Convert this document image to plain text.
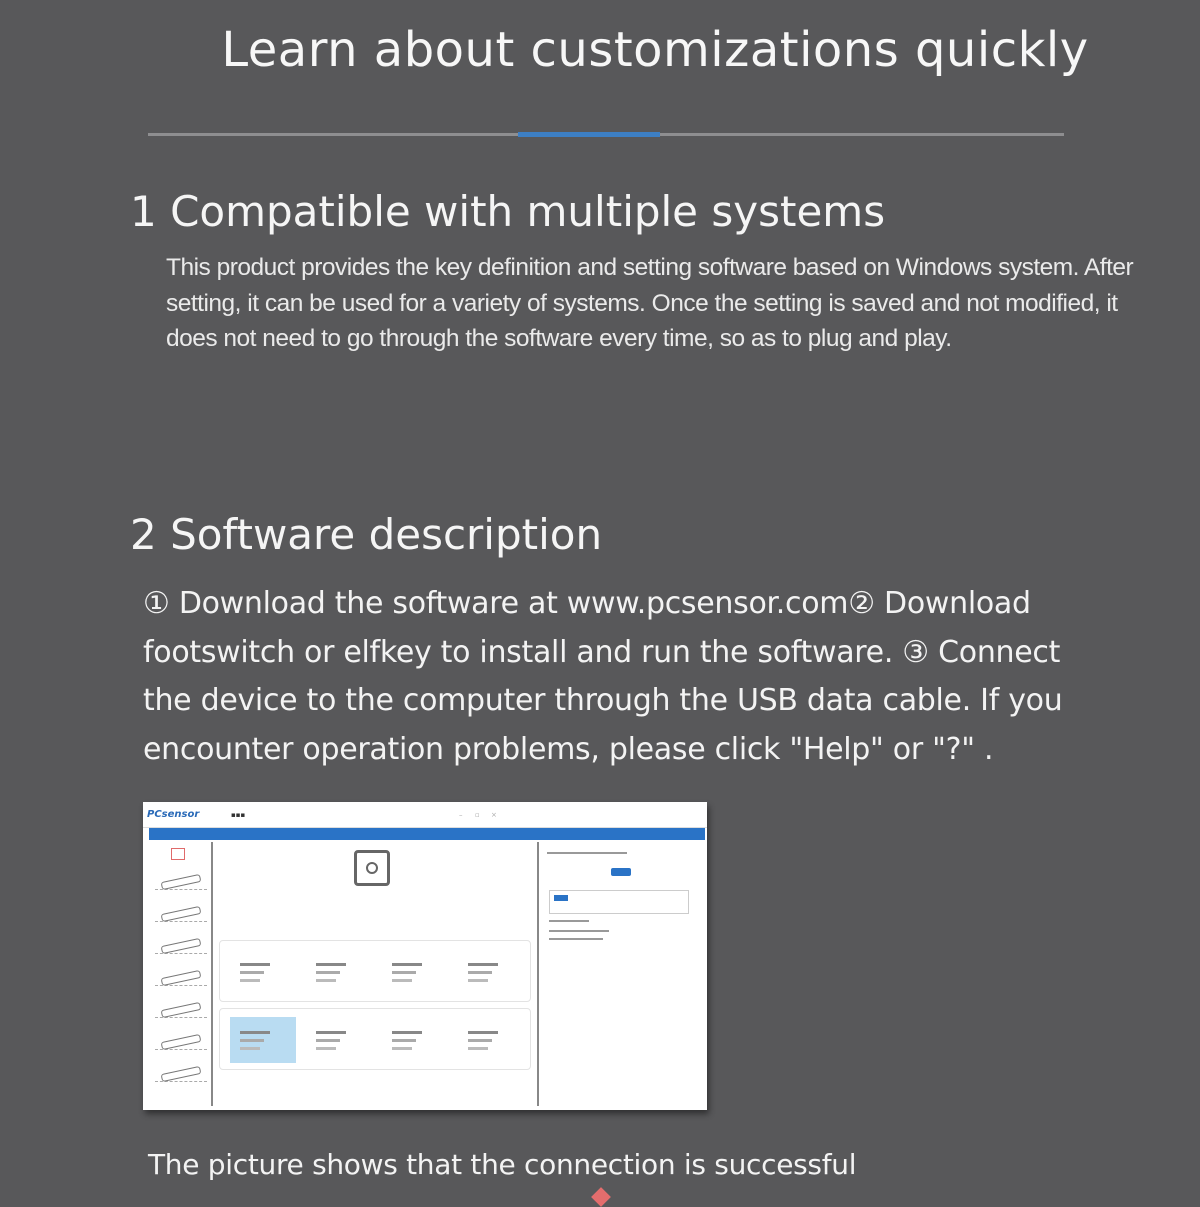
Learn about customizations quickly
1 Compatible with multiple systems

This product provides the key definition and setting software based on Windows system. After setting, it can be used for a variety of systems. Once the setting is saved and not modified, it does not need to go through the software every time, so as to plug and play.

2 Software description

① Download the software at www.pcsensor.com② Download footswitch or elfkey to install and run the software. ③ Connect the device to the computer through the USB data cable. If you encounter operation problems, please click "Help" or "?" .

PCsensor	▪▪▪	– ▫ ×

The picture shows that the connection is successful
